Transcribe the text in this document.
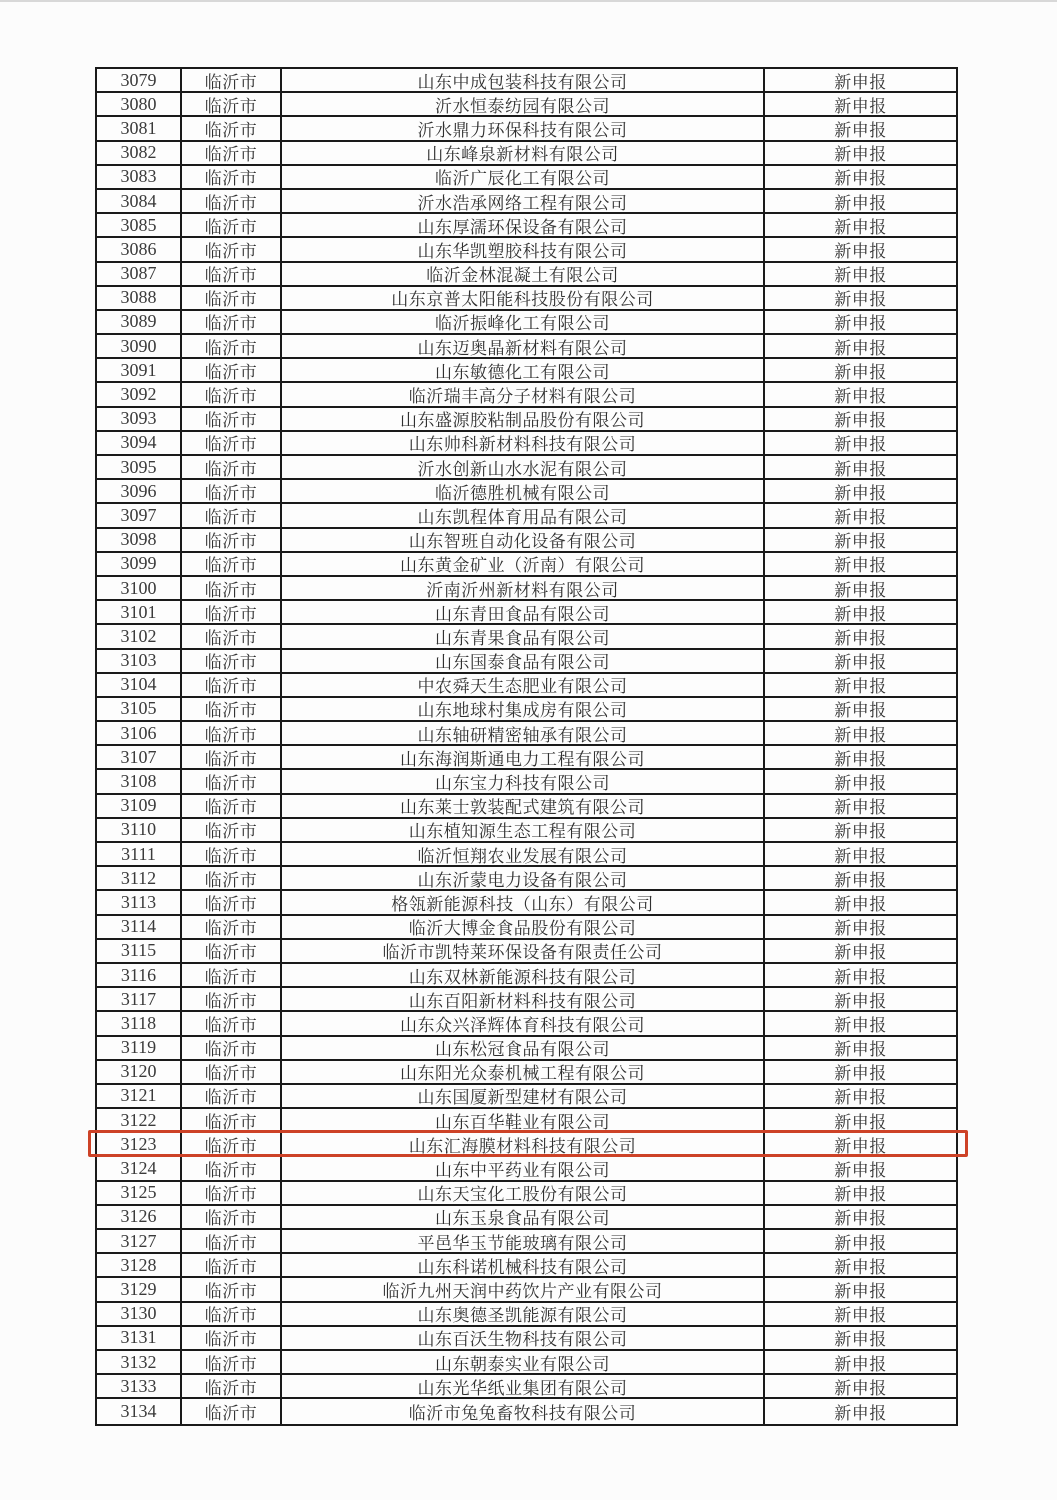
3079	临沂市	山东中成包装科技有限公司	新申报
3080	临沂市	沂水恒泰纺园有限公司	新申报
3081	临沂市	沂水鼎力环保科技有限公司	新申报
3082	临沂市	山东峰泉新材料有限公司	新申报
3083	临沂市	临沂广辰化工有限公司	新申报
3084	临沂市	沂水浩承网络工程有限公司	新申报
3085	临沂市	山东厚濡环保设备有限公司	新申报
3086	临沂市	山东华凯塑胶科技有限公司	新申报
3087	临沂市	临沂金林混凝土有限公司	新申报
3088	临沂市	山东京普太阳能科技股份有限公司	新申报
3089	临沂市	临沂振峰化工有限公司	新申报
3090	临沂市	山东迈奥晶新材料有限公司	新申报
3091	临沂市	山东敏德化工有限公司	新申报
3092	临沂市	临沂瑞丰高分子材料有限公司	新申报
3093	临沂市	山东盛源胶粘制品股份有限公司	新申报
3094	临沂市	山东帅科新材料科技有限公司	新申报
3095	临沂市	沂水创新山水水泥有限公司	新申报
3096	临沂市	临沂德胜机械有限公司	新申报
3097	临沂市	山东凯程体育用品有限公司	新申报
3098	临沂市	山东智班自动化设备有限公司	新申报
3099	临沂市	山东黄金矿业（沂南）有限公司	新申报
3100	临沂市	沂南沂州新材料有限公司	新申报
3101	临沂市	山东青田食品有限公司	新申报
3102	临沂市	山东青果食品有限公司	新申报
3103	临沂市	山东国泰食品有限公司	新申报
3104	临沂市	中农舜天生态肥业有限公司	新申报
3105	临沂市	山东地球村集成房有限公司	新申报
3106	临沂市	山东轴研精密轴承有限公司	新申报
3107	临沂市	山东海润斯通电力工程有限公司	新申报
3108	临沂市	山东宝力科技有限公司	新申报
3109	临沂市	山东莱士敦装配式建筑有限公司	新申报
3110	临沂市	山东植知源生态工程有限公司	新申报
3111	临沂市	临沂恒翔农业发展有限公司	新申报
3112	临沂市	山东沂蒙电力设备有限公司	新申报
3113	临沂市	格瓴新能源科技（山东）有限公司	新申报
3114	临沂市	临沂大博金食品股份有限公司	新申报
3115	临沂市	临沂市凯特莱环保设备有限责任公司	新申报
3116	临沂市	山东双林新能源科技有限公司	新申报
3117	临沂市	山东百阳新材料科技有限公司	新申报
3118	临沂市	山东众兴泽辉体育科技有限公司	新申报
3119	临沂市	山东松冠食品有限公司	新申报
3120	临沂市	山东阳光众泰机械工程有限公司	新申报
3121	临沂市	山东国厦新型建材有限公司	新申报
3122	临沂市	山东百华鞋业有限公司	新申报
3123	临沂市	山东汇海膜材料科技有限公司	新申报
3124	临沂市	山东中平药业有限公司	新申报
3125	临沂市	山东天宝化工股份有限公司	新申报
3126	临沂市	山东玉泉食品有限公司	新申报
3127	临沂市	平邑华玉节能玻璃有限公司	新申报
3128	临沂市	山东科诺机械科技有限公司	新申报
3129	临沂市	临沂九州天润中药饮片产业有限公司	新申报
3130	临沂市	山东奥德圣凯能源有限公司	新申报
3131	临沂市	山东百沃生物科技有限公司	新申报
3132	临沂市	山东朝泰实业有限公司	新申报
3133	临沂市	山东光华纸业集团有限公司	新申报
3134	临沂市	临沂市兔兔畜牧科技有限公司	新申报
